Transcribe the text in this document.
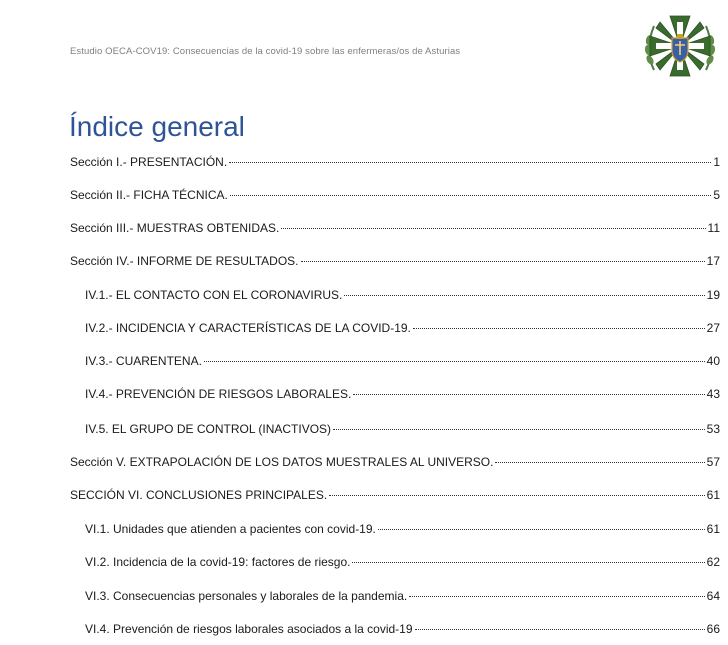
Estudio OECA-COV19: Consecuencias de la covid-19 sobre las enfermeras/os de Asturias
Índice general
Sección I.- PRESENTACIÓN.	1
Sección II.- FICHA TÉCNICA.	5
Sección III.- MUESTRAS OBTENIDAS.	11
Sección IV.- INFORME DE RESULTADOS.	17
IV.1.- EL CONTACTO CON EL CORONAVIRUS.	19
IV.2.- INCIDENCIA Y CARACTERÍSTICAS DE LA COVID-19.	27
IV.3.- CUARENTENA.	40
IV.4.- PREVENCIÓN DE RIESGOS LABORALES.	43
IV.5. EL GRUPO DE CONTROL (INACTIVOS)	53
Sección V. EXTRAPOLACIÓN DE LOS DATOS MUESTRALES AL UNIVERSO.	57
SECCIÓN VI. CONCLUSIONES PRINCIPALES.	61
VI.1. Unidades que atienden a pacientes con covid-19.	61
VI.2. Incidencia de la covid-19: factores de riesgo.	62
VI.3. Consecuencias personales y laborales de la pandemia.	64
VI.4. Prevención de riesgos laborales asociados a la covid-19	66
